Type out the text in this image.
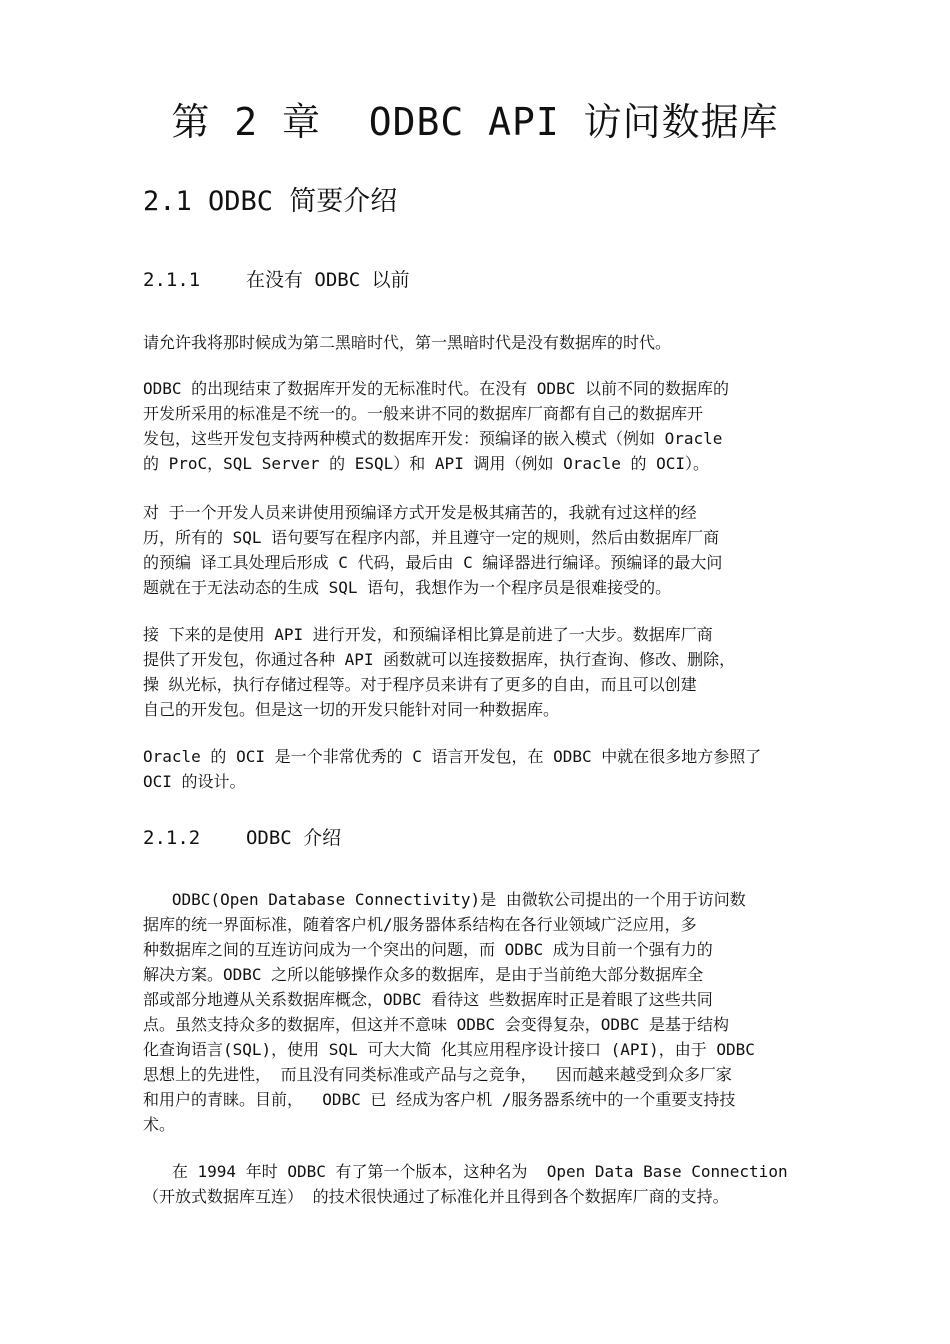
第 2 章  ODBC API 访问数据库
2.1 ODBC 简要介绍
2.1.1    在没有 ODBC 以前

请允许我将那时候成为第二黑暗时代，第一黑暗时代是没有数据库的时代。

ODBC 的出现结束了数据库开发的无标准时代。在没有 ODBC 以前不同的数据库的
开发所采用的标准是不统一的。一般来讲不同的数据库厂商都有自己的数据库开
发包，这些开发包支持两种模式的数据库开发：预编译的嵌入模式（例如 Oracle
的 ProC，SQL Server 的 ESQL）和 API 调用（例如 Oracle 的 OCI）。

对 于一个开发人员来讲使用预编译方式开发是极其痛苦的，我就有过这样的经
历，所有的 SQL 语句要写在程序内部，并且遵守一定的规则，然后由数据库厂商
的预编 译工具处理后形成 C 代码，最后由 C 编译器进行编译。预编译的最大问
题就在于无法动态的生成 SQL 语句，我想作为一个程序员是很难接受的。

接 下来的是使用 API 进行开发，和预编译相比算是前进了一大步。数据库厂商
提供了开发包，你通过各种 API 函数就可以连接数据库，执行查询、修改、删除，
操 纵光标，执行存储过程等。对于程序员来讲有了更多的自由，而且可以创建
自己的开发包。但是这一切的开发只能针对同一种数据库。

Oracle 的 OCI 是一个非常优秀的 C 语言开发包，在 ODBC 中就在很多地方参照了
OCI 的设计。

2.1.2    ODBC 介绍

ODBC(Open Database Connectivity)是 由微软公司提出的一个用于访问数
据库的统一界面标准，随着客户机/服务器体系结构在各行业领域广泛应用，多
种数据库之间的互连访问成为一个突出的问题，而 ODBC 成为目前一个强有力的
解决方案。ODBC 之所以能够操作众多的数据库，是由于当前绝大部分数据库全
部或部分地遵从关系数据库概念，ODBC 看待这 些数据库时正是着眼了这些共同
点。虽然支持众多的数据库，但这并不意味 ODBC 会变得复杂，ODBC 是基于结构
化查询语言(SQL)，使用 SQL 可大大简 化其应用程序设计接口 (API)，由于 ODBC
思想上的先进性， 而且没有同类标准或产品与之竞争，  因而越来越受到众多厂家
和用户的青睐。目前，  ODBC 已 经成为客户机 /服务器系统中的一个重要支持技
术。

在 1994 年时 ODBC 有了第一个版本，这种名为  Open Data Base Connection
（开放式数据库互连） 的技术很快通过了标准化并且得到各个数据库厂商的支持。
